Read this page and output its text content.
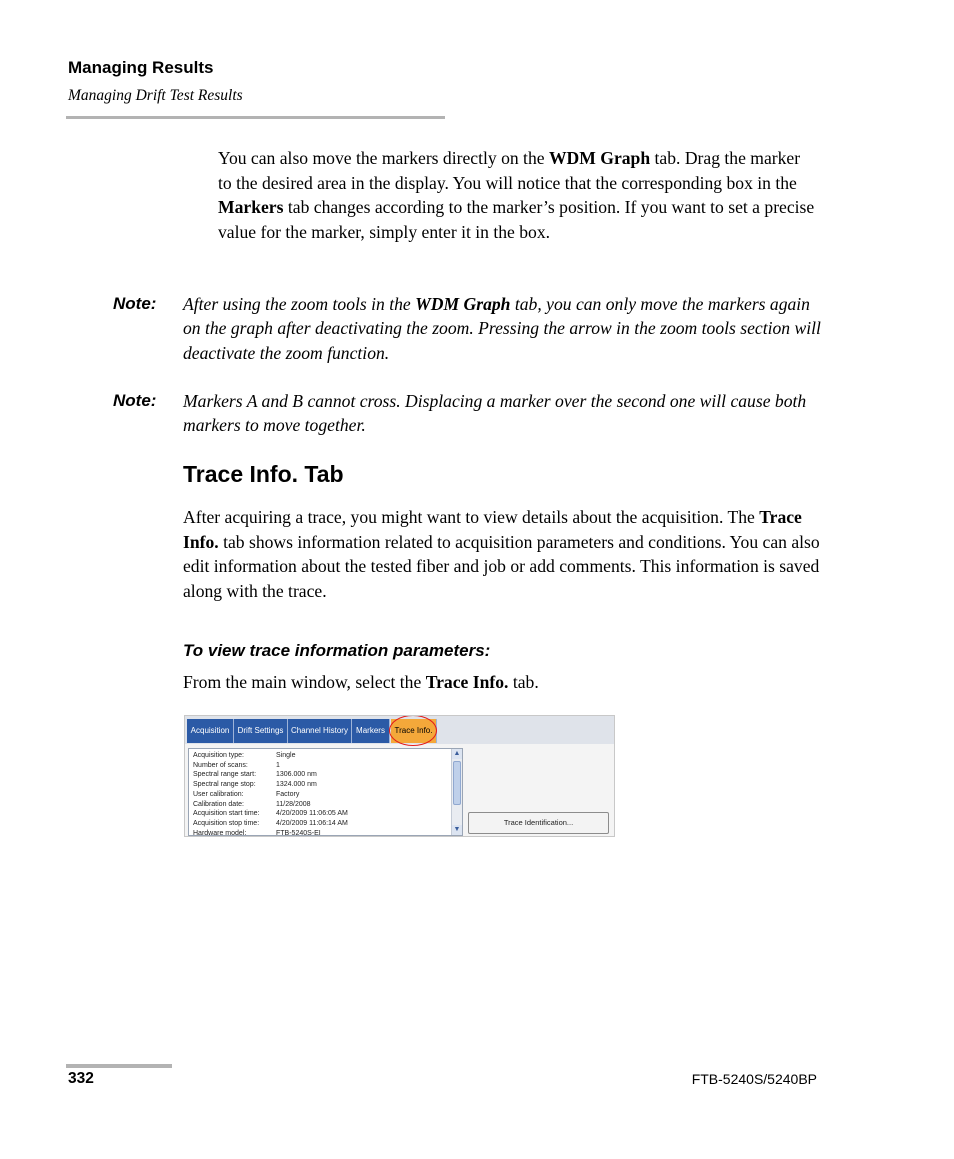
Managing Results
Managing Drift Test Results

You can also move the markers directly on the WDM Graph tab. Drag the marker to the desired area in the display. You will notice that the corresponding box in the Markers tab changes according to the marker’s position. If you want to set a precise value for the marker, simply enter it in the box.

Note: After using the zoom tools in the WDM Graph tab, you can only move the markers again on the graph after deactivating the zoom. Pressing the arrow in the zoom tools section will deactivate the zoom function.

Note: Markers A and B cannot cross. Displacing a marker over the second one will cause both markers to move together.

Trace Info. Tab

After acquiring a trace, you might want to view details about the acquisition. The Trace Info. tab shows information related to acquisition parameters and conditions. You can also edit information about the tested fiber and job or add comments. This information is saved along with the trace.

To view trace information parameters:

From the main window, select the Trace Info. tab.

Acquisition	Drift Settings Channel History	Markers	Trace Info.
Acquisition type:	Single
Number of scans:	1
Spectral range start:	1306.000 nm
Spectral range stop:	1324.000 nm
User calibration:	Factory
Calibration date:	11/28/2008
Acquisition start time:	4/20/2009 11:06:05 AM
Acquisition stop time:	4/20/2009 11:06:14 AM
Hardware model:	FTB-5240S-EI
▲
▼
Trace Identification...
332	FTB-5240S/5240BP
